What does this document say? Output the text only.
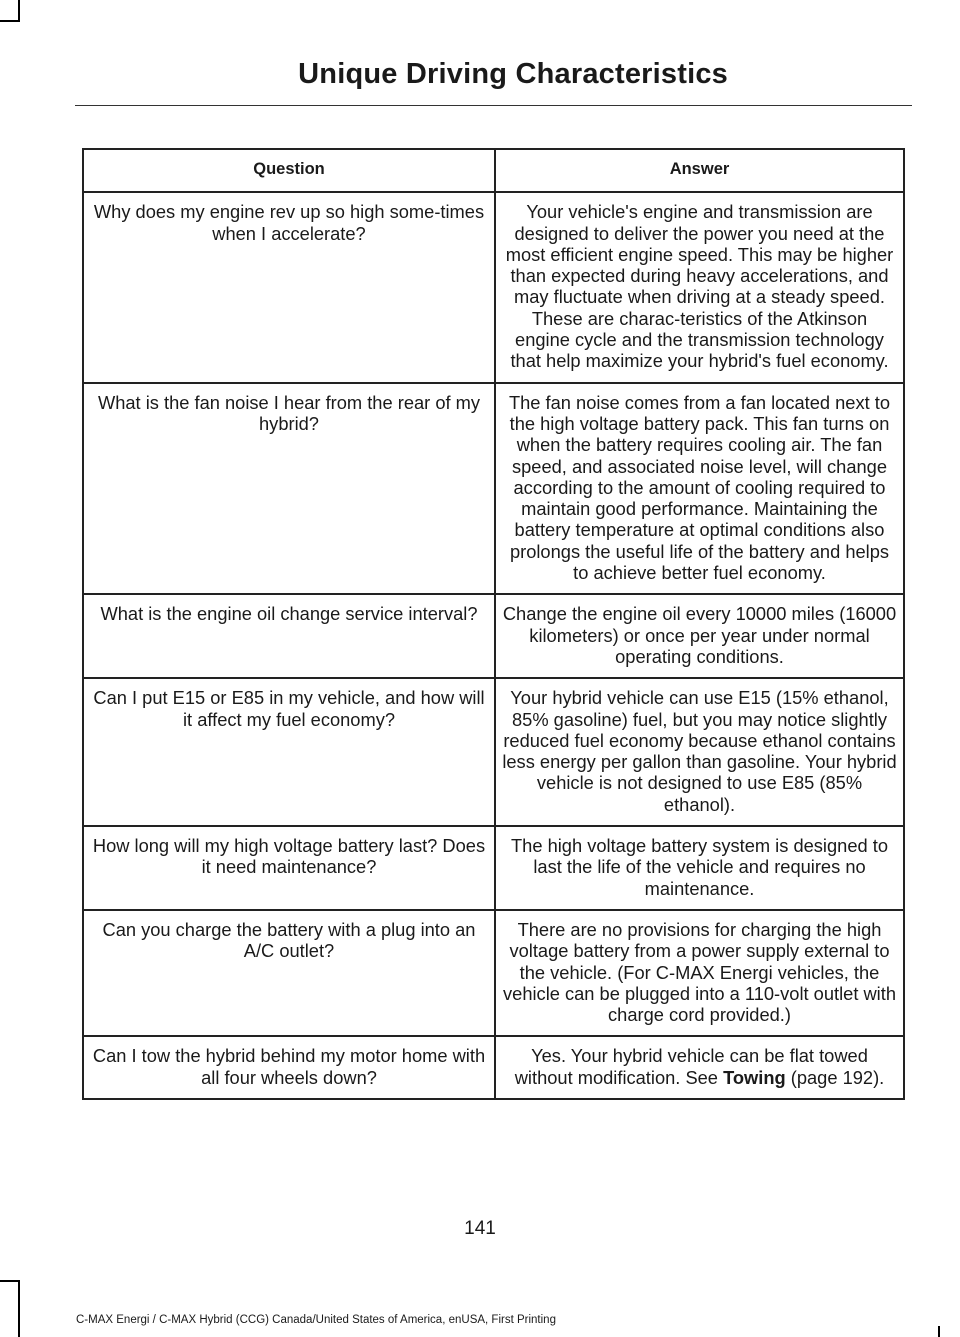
Unique Driving Characteristics
Question	Answer
Why does my engine rev up so high some-times when I accelerate?	Your vehicle's engine and transmission are designed to deliver the power you need at the most efficient engine speed. This may be higher than expected during heavy accelerations, and may fluctuate when driving at a steady speed. These are charac-teristics of the Atkinson engine cycle and the transmission technology that help maximize your hybrid's fuel economy.
What is the fan noise I hear from the rear of my hybrid?	The fan noise comes from a fan located next to the high voltage battery pack. This fan turns on when the battery requires cooling air. The fan speed, and associated noise level, will change according to the amount of cooling required to maintain good performance. Maintaining the battery temperature at optimal conditions also prolongs the useful life of the battery and helps to achieve better fuel economy.
What is the engine oil change service interval?	Change the engine oil every 10000 miles (16000 kilometers) or once per year under normal operating conditions.
Can I put E15 or E85 in my vehicle, and how will it affect my fuel economy?	Your hybrid vehicle can use E15 (15% ethanol, 85% gasoline) fuel, but you may notice slightly reduced fuel economy because ethanol contains less energy per gallon than gasoline. Your hybrid vehicle is not designed to use E85 (85% ethanol).
How long will my high voltage battery last? Does it need maintenance?	The high voltage battery system is designed to last the life of the vehicle and requires no maintenance.
Can you charge the battery with a plug into an A/C outlet?	There are no provisions for charging the high voltage battery from a power supply external to the vehicle. (For C-MAX Energi vehicles, the vehicle can be plugged into a 110-volt outlet with charge cord provided.)
Can I tow the hybrid behind my motor home with all four wheels down?	Yes. Your hybrid vehicle can be flat towed without modification. See Towing (page 192).
141
C-MAX Energi / C-MAX Hybrid (CCG) Canada/United States of America, enUSA, First Printing
